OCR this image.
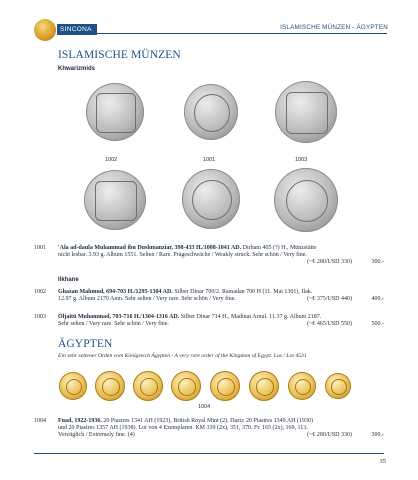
SINCONA	ISLAMISCHE MÜNZEN - ÄGYPTEN
ISLAMISCHE MÜNZEN
Khwarizmids
1002	1001	1003
1001 'Ala ad-daula Muhammad ibn Dushmanziar, 398-433 H./1008-1041 AD. Dirham 405 (?) H., Münzstätte
nicht lesbar. 3.93 g. Album 1551. Selten / Rare. Prägeschwäche / Weakly struck. Sehr schön / Very fine.
(~€ 280/USD 330)	300.-
Ilkhane
1002 Ghazan Mahmud, 694-703 H./1295-1304 AD. Silber Dinar 700/2. Ramadan 700 H (11. Mai 1301), Ilak.
12.97 g. Album 2170 Anm. Sehr selten / Very rare. Sehr schön / Very fine.	(~€ 375/USD 440)	400.-
1003 Öljaitü Muhammad, 703-716 H./1304-1316 AD. Silber Dinar 714 H., Madinat Arnul. 11.37 g. Album 2187.
Sehr selten / Very rare. Sehr schön / Very fine.	(~€ 465/USD 550)	500.-
ÄGYPTEN
Ein sehr seltener Orden vom Königreich Ägypten / A very rare order of the Kingdom of Egypt. Los / Lot 4531
1004
1004 Fuad, 1922-1936. 20 Piastres 1341 AH (1923), British Royal Mint (2). Dazu: 20 Piastres 1349 AH (1930)
und 20 Piastres 1357 AH (1938). Lot von 4 Exemplaren. KM 339 (2x), 351, 370. Fr. 165 (2x), 169, 113.
Vorzüglich / Extremely fine. (4)	(~€ 280/USD 330)	300.-
35
